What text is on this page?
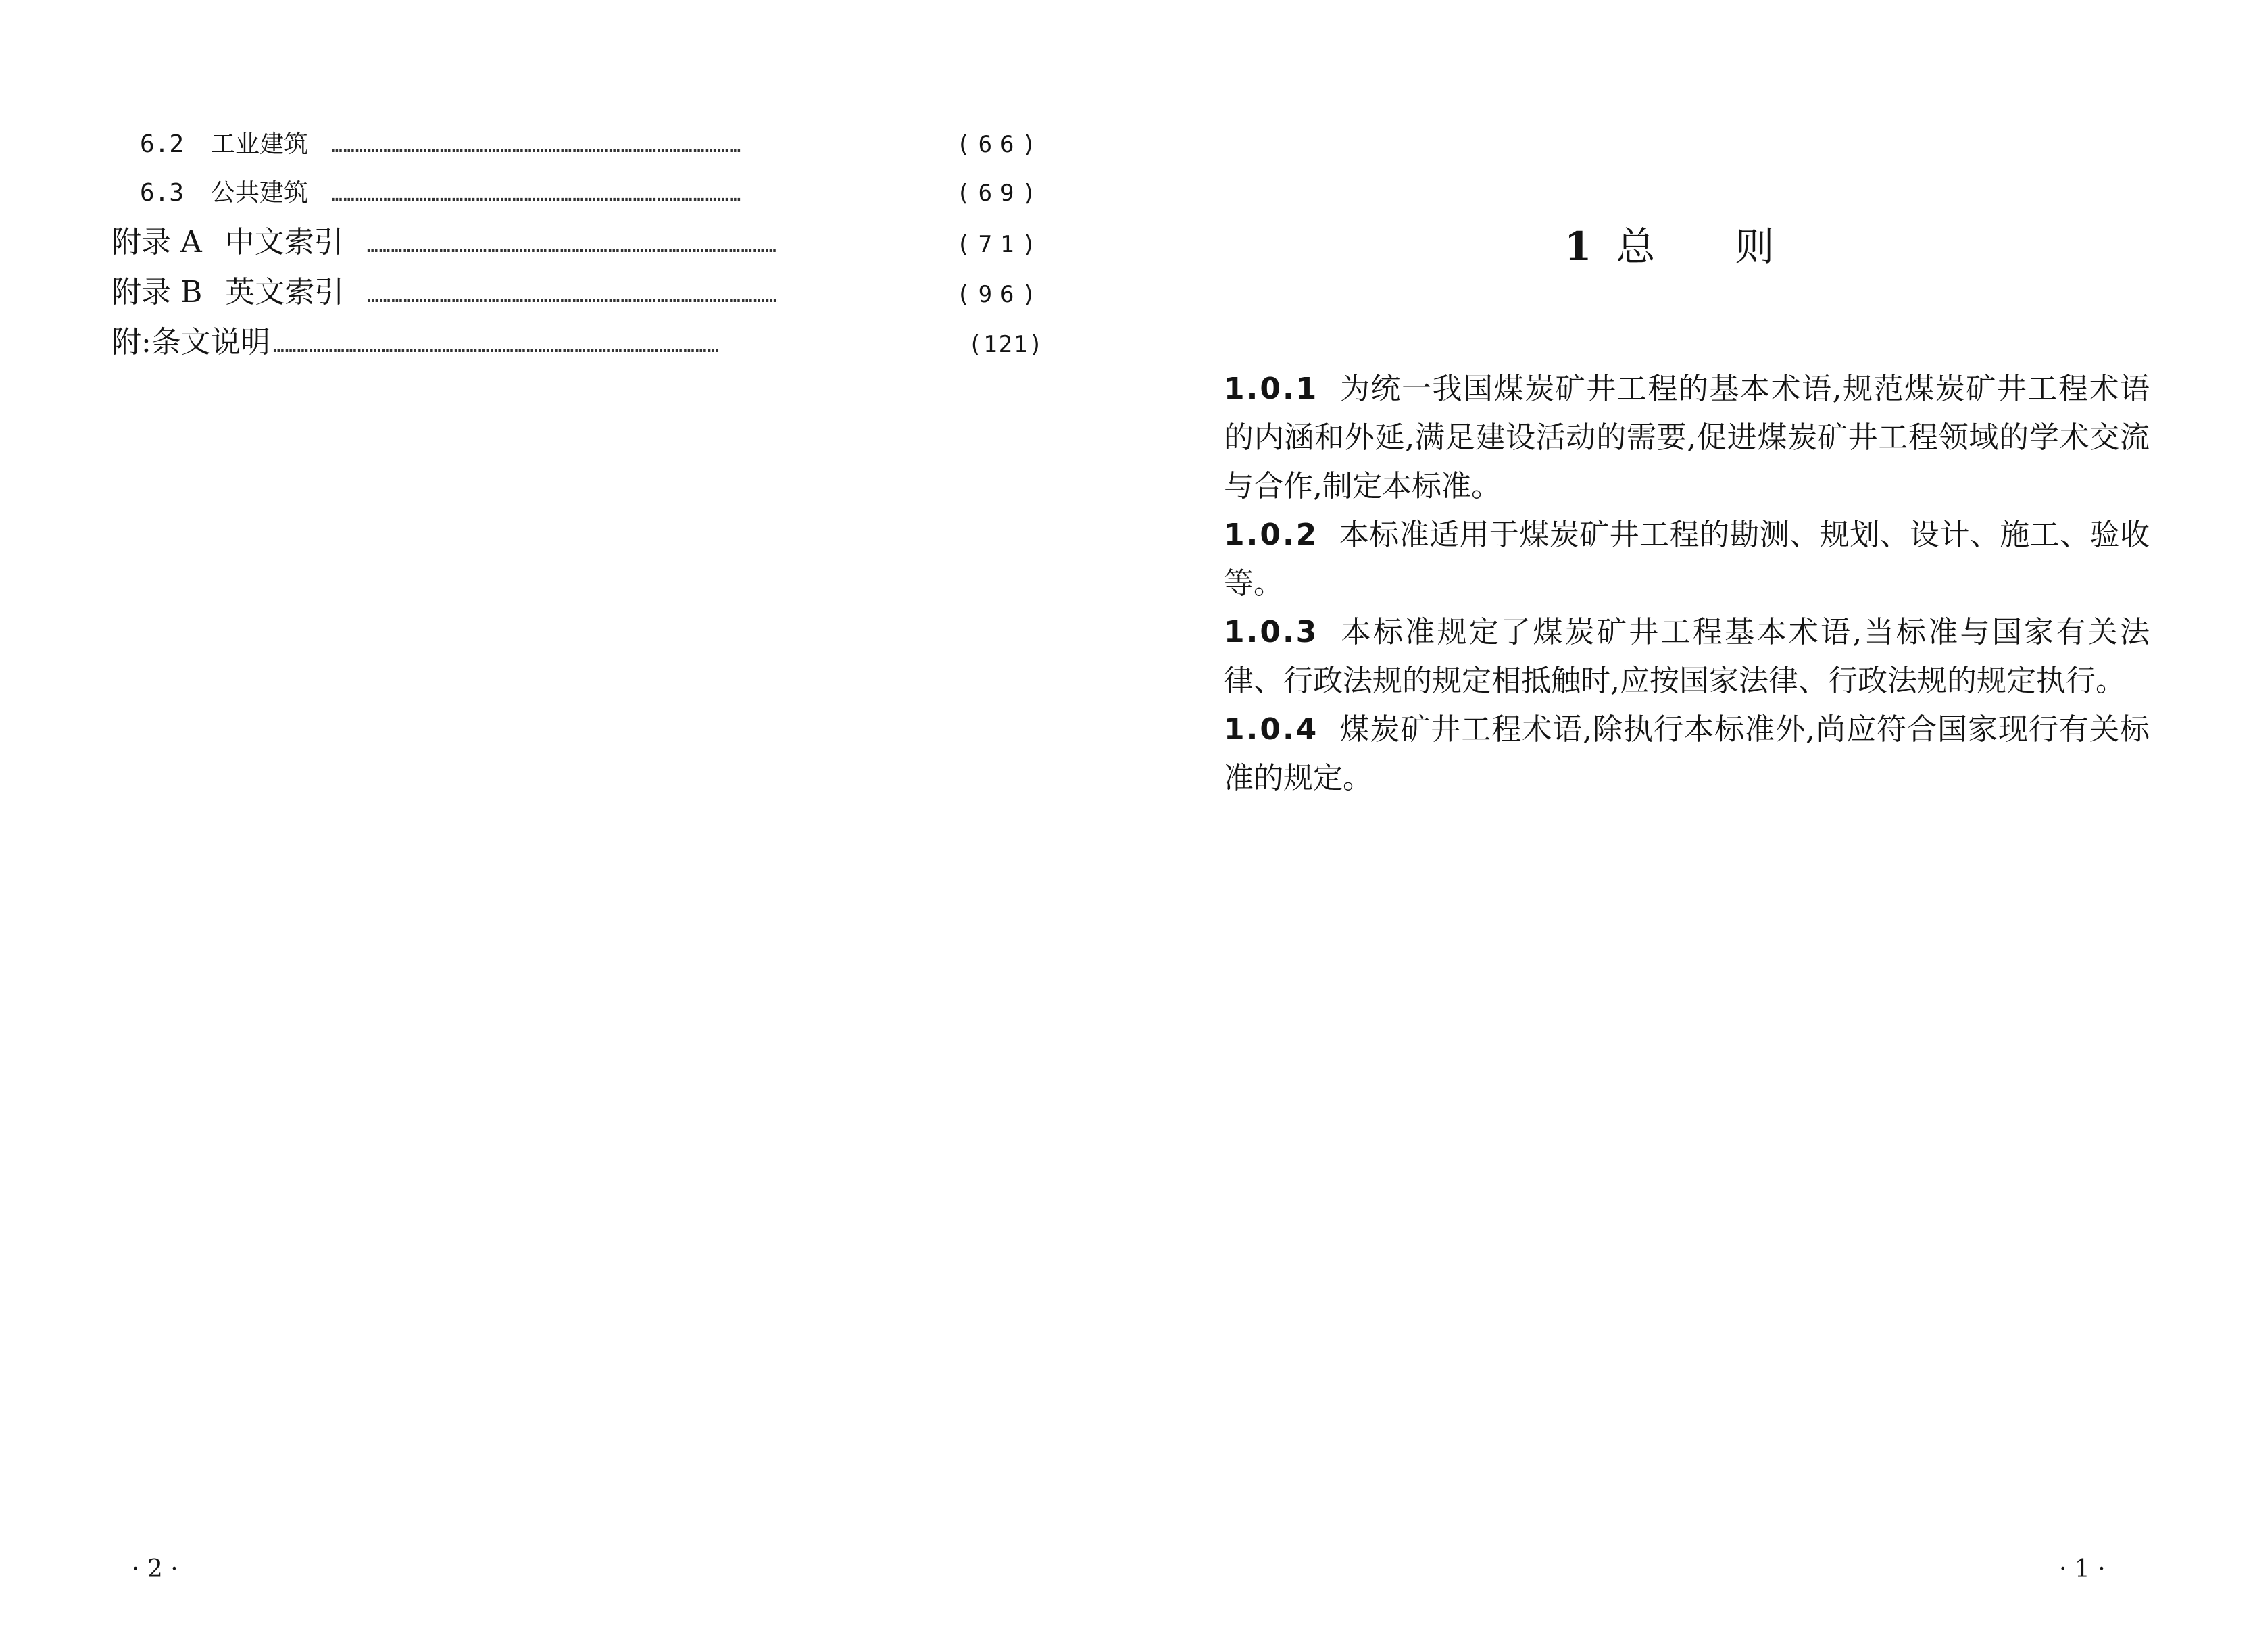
6.2 工业建筑 …………………………………………………………………………………………	(66)
6.3 公共建筑 …………………………………………………………………………………………	(69)
附录 A 中文索引 …………………………………………………………………………………………	(71)
附录 B 英文索引 …………………………………………………………………………………………	(96)
附:条文说明 …………………………………………………………………………………………………	(121)
· 2 ·
1 总则

1.0.1 为统一我国煤炭矿井工程的基本术语,规范煤炭矿井工程术语的内涵和外延,满足建设活动的需要,促进煤炭矿井工程领域的学术交流与合作,制定本标准。

1.0.2 本标准适用于煤炭矿井工程的勘测、规划、设计、施工、验收等。

1.0.3 本标准规定了煤炭矿井工程基本术语,当标准与国家有关法律、行政法规的规定相抵触时,应按国家法律、行政法规的规定执行。

1.0.4 煤炭矿井工程术语,除执行本标准外,尚应符合国家现行有关标准的规定。

· 1 ·
